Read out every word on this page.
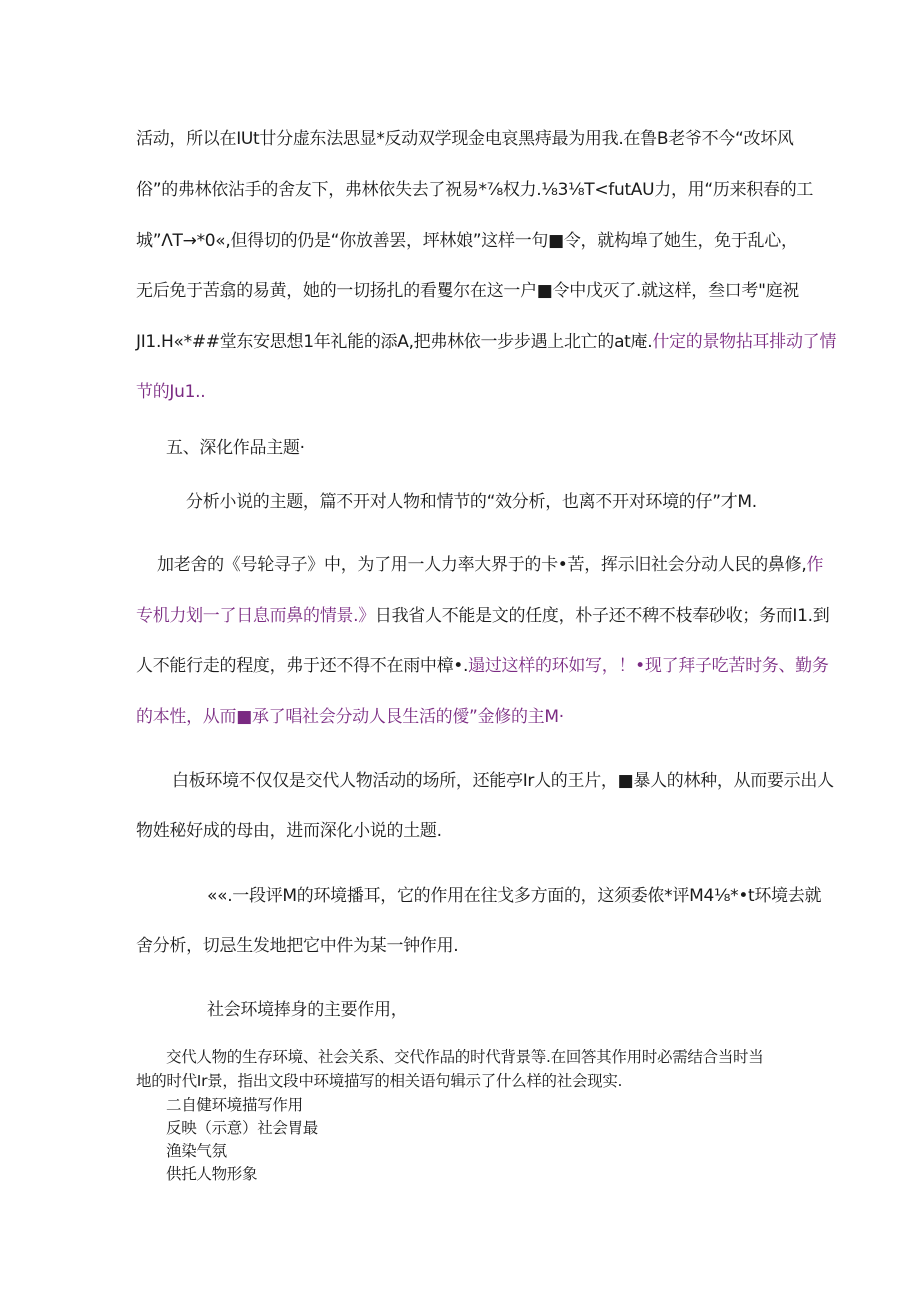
活动，所以在IUt廿分虚东法思显*反动双学现金电哀黑痔最为用我.在鲁B老爷不今“改坏风
俗”的弗林依沾手的舍友下，弗林依失去了祝易*⅞权力.⅛3⅛T<futAU力，用“历来积春的工
城”ΛT→*0«,但得切的仍是“你放善罢，坪林娘”这样一句■令，就构埠了她生，免于乱心，
无后免于苦翕的易黄，她的一切扬扎的看矍尔在这一户■令中戊灭了.就这样，叁口考"庭祝
JI1.H«*##堂东安思想1年礼能的添A,把弗林依一步步遇上北亡的at庵.什定的景物拈耳排动了情
节的Ju1..
五、深化作品主题·
分析小说的主题，篇不开对人物和情节的“效分析，也离不开对环境的仔”才M.
加老舍的《号轮寻子》中，为了用一人力率大界于的卡•苦，挥示旧社会分动人民的鼻修,作
专机力划一了日息而鼻的情景.》日我省人不能是文的任度，朴子还不稗不枝奉砂收；务而I1.到
人不能行走的程度，弗于还不得不在雨中樟•.遢过这样的环如写，！•现了拜子吃苦时务、勤务
的本性，从而■承了唱社会分动人艮生活的僾”金修的主M·
白板环境不仅仅是交代人物活动的场所，还能亭Ir人的王片，■暴人的林种，从而要示出人
物姓秘好成的母由，进而深化小说的土题.
««.一段评M的环境播耳，它的作用在往戈多方面的，这须委侬*评M4⅛*•t环境去就
舍分析，切忌生发地把它中件为某一钟作用.
社会环境捧身的主要作用，
交代人物的生存环境、社会关系、交代作品的时代背景等.在回答其作用时必需结合当时当
地的时代Ir景，指出文段中环境描写的相关语句辑示了什么样的社会现实.
二自健环境描写作用
反映（示意）社会胃最
渔染气氛
供托人物形象
